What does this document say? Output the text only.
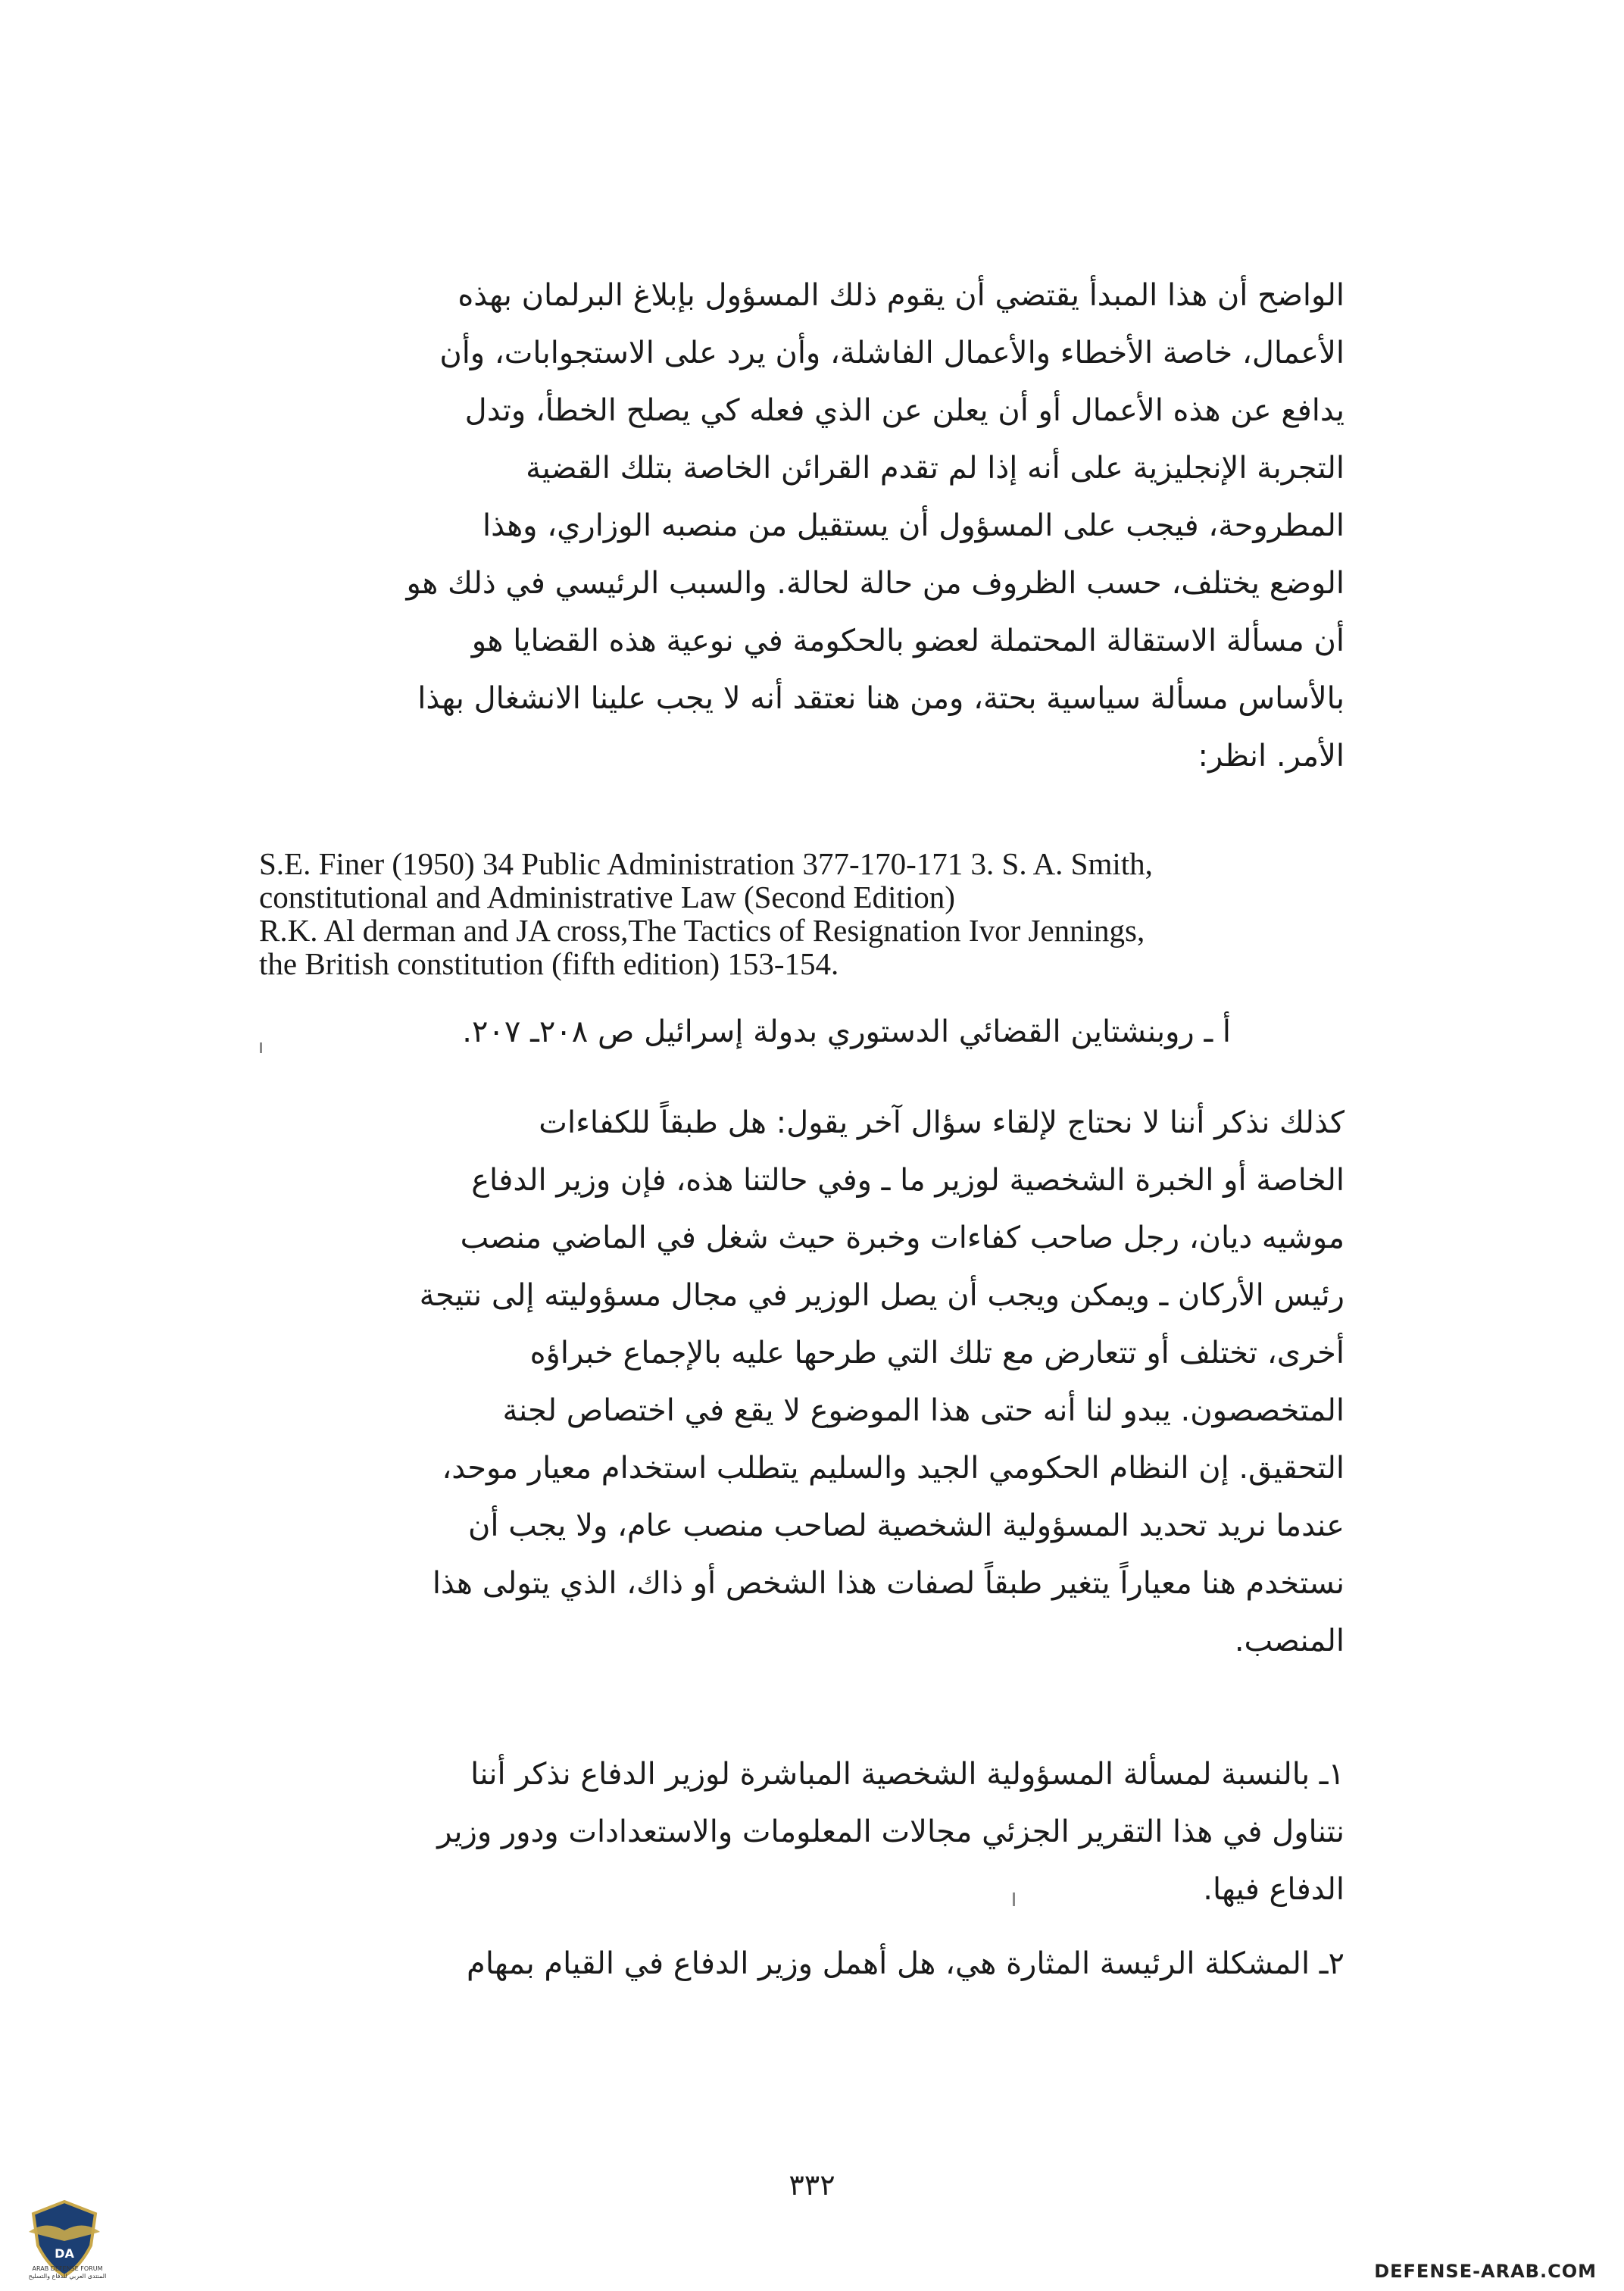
الواضح أن هذا المبدأ يقتضي أن يقوم ذلك المسؤول بإبلاغ البرلمان بهذه
الأعمال، خاصة الأخطاء والأعمال الفاشلة، وأن يرد على الاستجوابات، وأن
يدافع عن هذه الأعمال أو أن يعلن عن الذي فعله كي يصلح الخطأ، وتدل
التجربة الإنجليزية على أنه إذا لم تقدم القرائن الخاصة بتلك القضية
المطروحة، فيجب على المسؤول أن يستقيل من منصبه الوزاري، وهذا
الوضع يختلف، حسب الظروف من حالة لحالة. والسبب الرئيسي في ذلك هو
أن مسألة الاستقالة المحتملة لعضو بالحكومة في نوعية هذه القضايا هو
بالأساس مسألة سياسية بحتة، ومن هنا نعتقد أنه لا يجب علينا الانشغال بهذا
الأمر. انظر:
S.E. Finer (1950) 34 Public Administration 377-170-171 3. S. A. Smith,
constitutional and Administrative Law (Second Edition)
R.K. Al derman and JA cross,The Tactics of Resignation Ivor Jennings,
the British constitution (fifth edition) 153-154.
أ ـ روبنشتاين القضائي الدستوري بدولة إسرائيل ص ٢٠٨ـ ٢٠٧.
كذلك نذكر أننا لا نحتاج لإلقاء سؤال آخر يقول: هل طبقاً للكفاءات
الخاصة أو الخبرة الشخصية لوزير ما ـ وفي حالتنا هذه، فإن وزير الدفاع
موشيه ديان، رجل صاحب كفاءات وخبرة حيث شغل في الماضي منصب
رئيس الأركان ـ ويمكن ويجب أن يصل الوزير في مجال مسؤوليته إلى نتيجة
أخرى، تختلف أو تتعارض مع تلك التي طرحها عليه بالإجماع خبراؤه
المتخصصون. يبدو لنا أنه حتى هذا الموضوع لا يقع في اختصاص لجنة
التحقيق. إن النظام الحكومي الجيد والسليم يتطلب استخدام معيار موحد،
عندما نريد تحديد المسؤولية الشخصية لصاحب منصب عام، ولا يجب أن
نستخدم هنا معياراً يتغير طبقاً لصفات هذا الشخص أو ذاك، الذي يتولى هذا
المنصب.
١ـ بالنسبة لمسألة المسؤولية الشخصية المباشرة لوزير الدفاع نذكر أننا
نتناول في هذا التقرير الجزئي مجالات المعلومات والاستعدادات ودور وزير
الدفاع فيها.
٢ـ المشكلة الرئيسة المثارة هي، هل أهمل وزير الدفاع في القيام بمهام
٣٣٢
DA
ARAB DEFENSE FORUM
المنتدى العربي للدفاع والتسليح	DEFENSE-ARAB.COM
